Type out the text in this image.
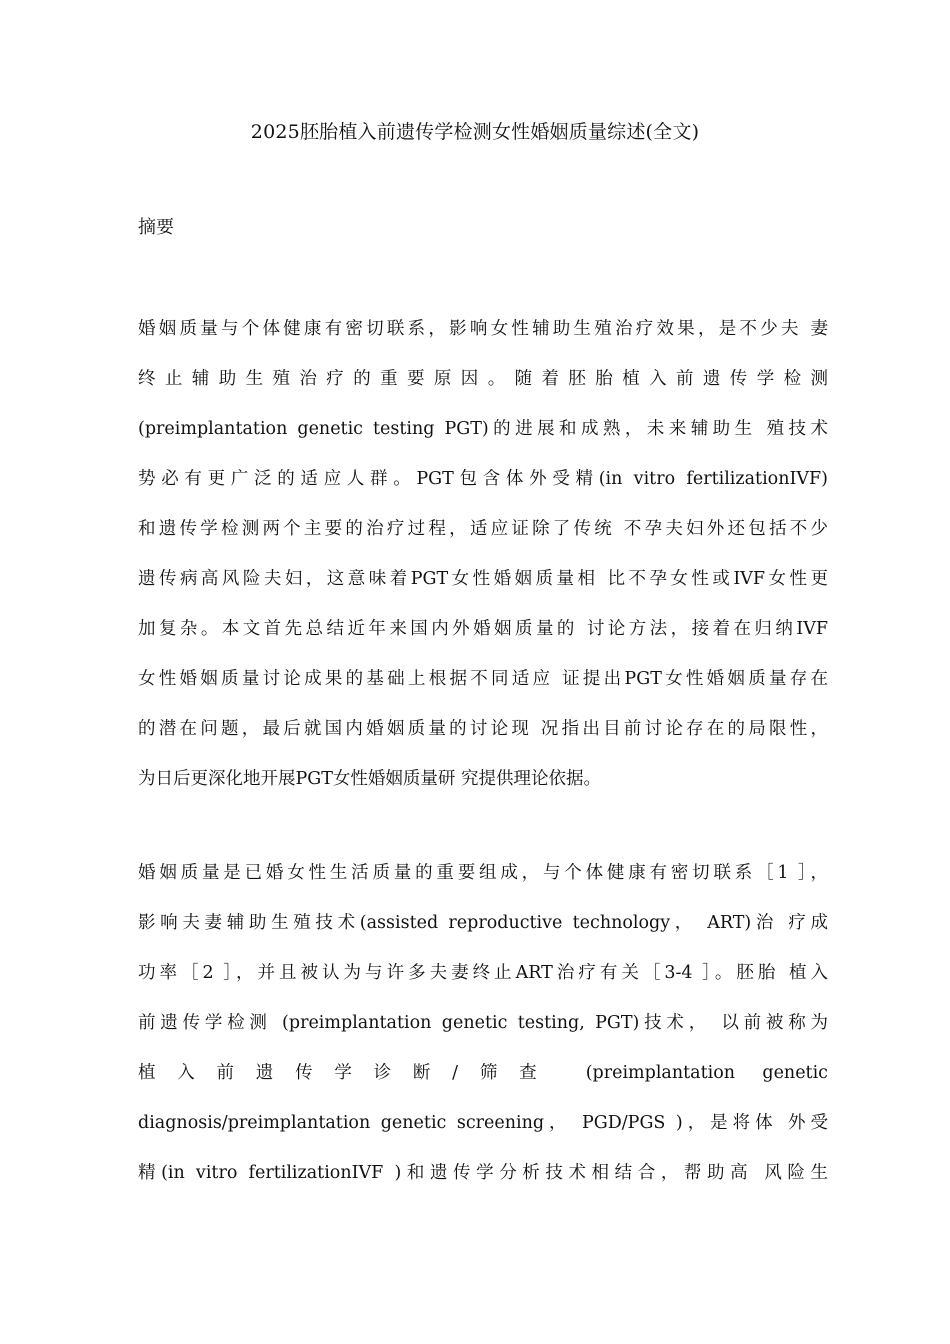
2025胚胎植入前遗传学检测女性婚姻质量综述(全文)
摘要
婚姻质量与个体健康有密切联系，影响女性辅助生殖治疗效果，是不少夫 妻
终止辅助生殖治疗的重要原因。随着胚胎植入前遗传学检测
(preimplantation genetic testing PGT)的进展和成熟，未来辅助生 殖技术
势必有更广泛的适应人群。PGT包含体外受精(in vitro fertilizationIVF)
和遗传学检测两个主要的治疗过程，适应证除了传统 不孕夫妇外还包括不少
遗传病高风险夫妇，这意味着PGT女性婚姻质量相 比不孕女性或IVF女性更
加复杂。本文首先总结近年来国内外婚姻质量的 讨论方法，接着在归纳IVF
女性婚姻质量讨论成果的基础上根据不同适应 证提出PGT女性婚姻质量存在
的潜在问题，最后就国内婚姻质量的讨论现 况指出目前讨论存在的局限性，
为日后更深化地开展PGT女性婚姻质量研 究提供理论依据。
婚姻质量是已婚女性生活质量的重要组成，与个体健康有密切联系［1 ］，
影响夫妻辅助生殖技术(assisted reproductive technology， ART)治 疗成
功率［2 ］，并且被认为与许多夫妻终止ART治疗有关［3-4 ］。胚胎 植入
前遗传学检测 (preimplantation genetic testing, PGT)技术， 以前被称为
植入前遗传学诊断/筛查 (preimplantation genetic
diagnosis/preimplantation genetic screening， PGD/PGS )，是将体 外受
精(in vitro fertilizationIVF )和遗传学分析技术相结合，帮助高 风险生
